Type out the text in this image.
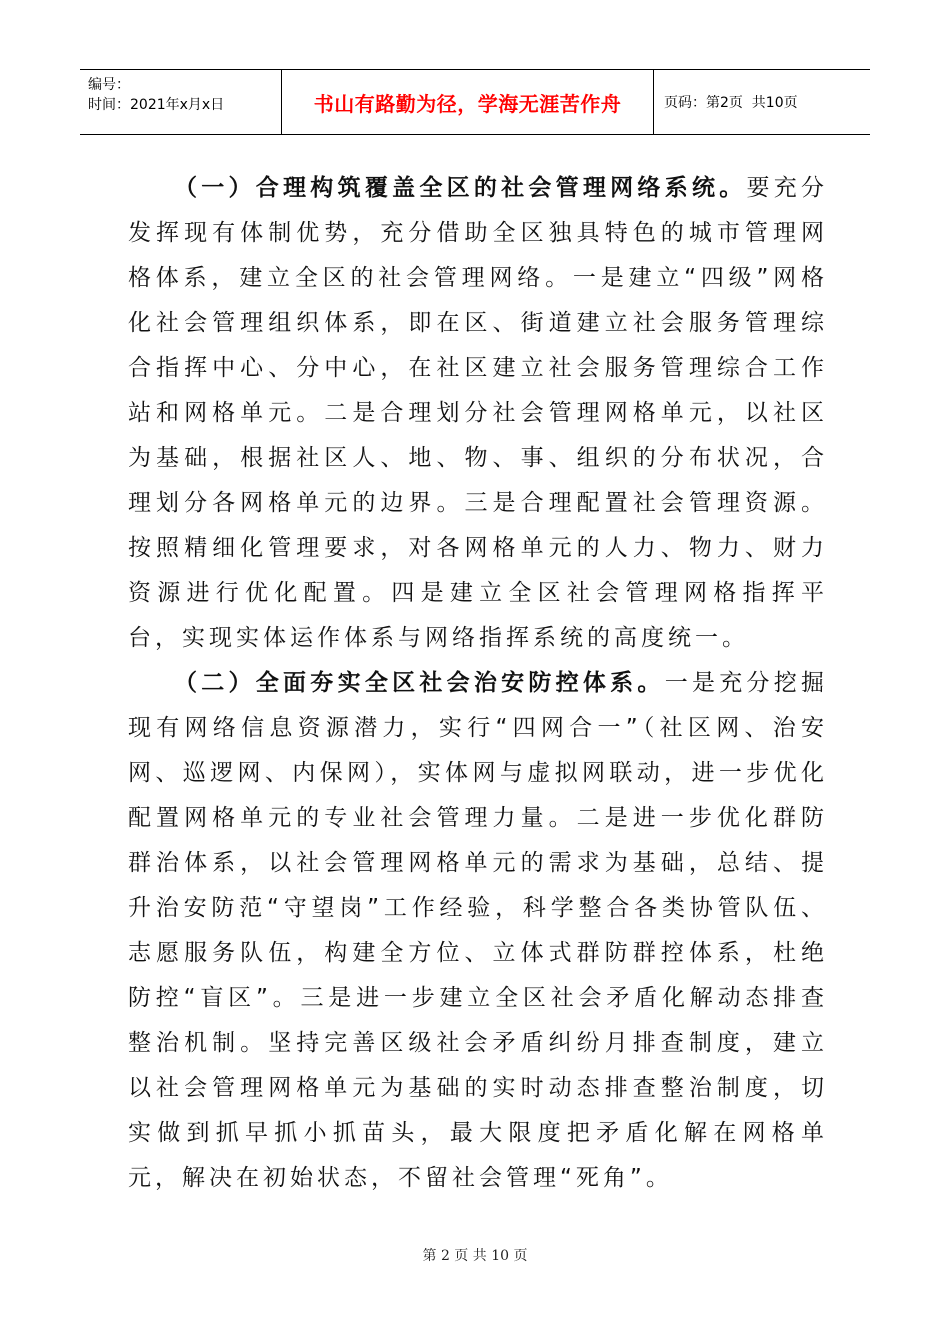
编号：
时间：2021年x月x日	书山有路勤为径，学海无涯苦作舟	页码：第2页  共10页

（一）合理构筑覆盖全区的社会管理网络系统。要充分发挥现有体制优势，充分借助全区独具特色的城市管理网格体系，建立全区的社会管理网络。一是建立“四级”网格化社会管理组织体系，即在区、街道建立社会服务管理综合指挥中心、分中心，在社区建立社会服务管理综合工作站和网格单元。二是合理划分社会管理网格单元，以社区为基础，根据社区人、地、物、事、组织的分布状况，合理划分各网格单元的边界。三是合理配置社会管理资源。按照精细化管理要求，对各网格单元的人力、物力、财力资源进行优化配置。四是建立全区社会管理网格指挥平台，实现实体运作体系与网络指挥系统的高度统一。

（二）全面夯实全区社会治安防控体系。一是充分挖掘现有网络信息资源潜力，实行“四网合一”（社区网、治安网、巡逻网、内保网），实体网与虚拟网联动，进一步优化配置网格单元的专业社会管理力量。二是进一步优化群防群治体系，以社会管理网格单元的需求为基础，总结、提升治安防范“守望岗”工作经验，科学整合各类协管队伍、志愿服务队伍，构建全方位、立体式群防群控体系，杜绝防控“盲区”。三是进一步建立全区社会矛盾化解动态排查整治机制。坚持完善区级社会矛盾纠纷月排查制度，建立以社会管理网格单元为基础的实时动态排查整治制度，切实做到抓早抓小抓苗头，最大限度把矛盾化解在网格单元，解决在初始状态，不留社会管理“死角”。

第 2 页 共 10 页
